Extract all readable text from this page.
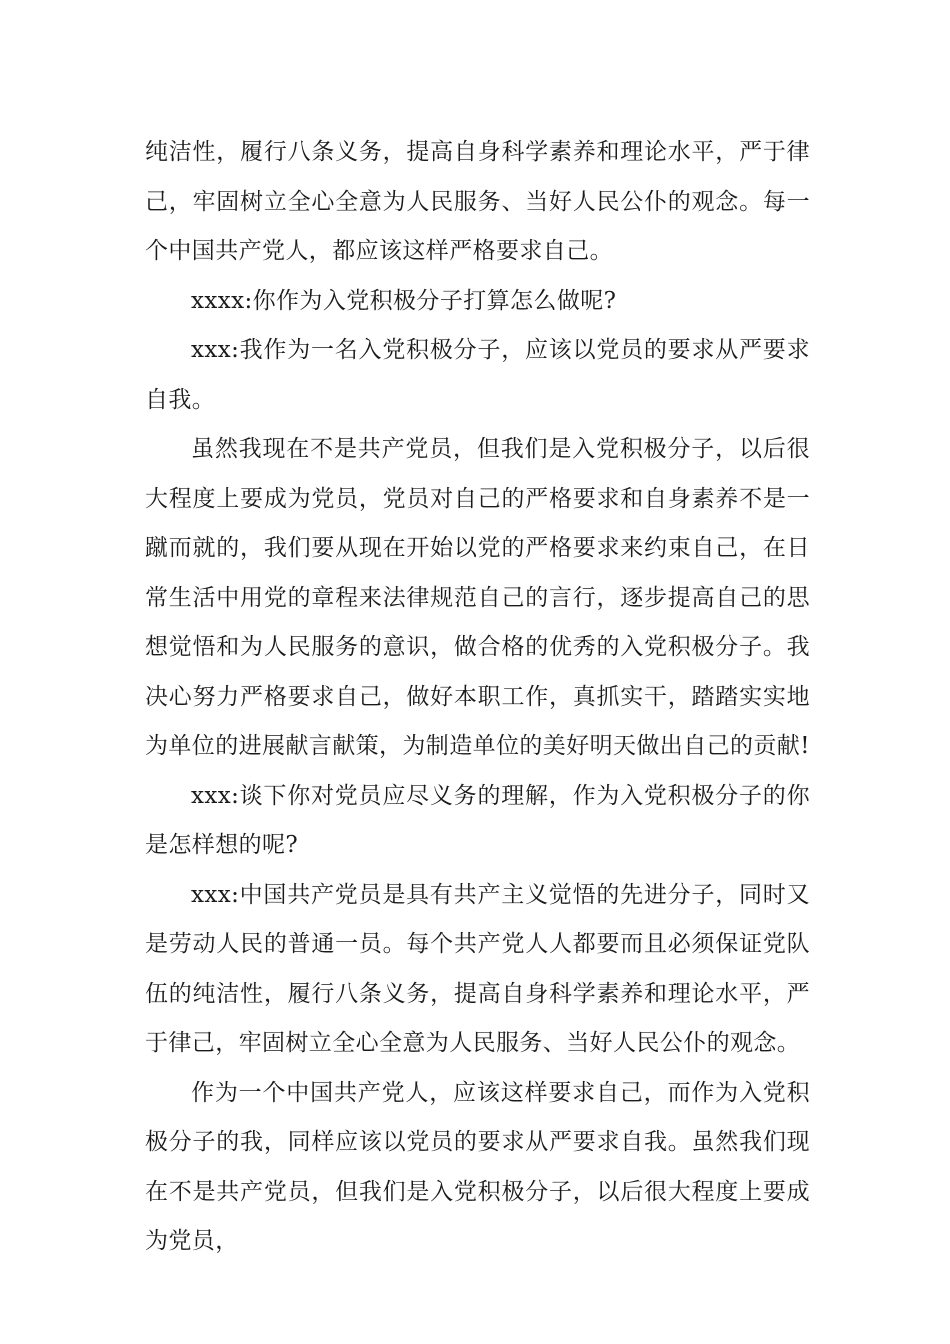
纯洁性，履行八条义务，提高自身科学素养和理论水平，严于律己，牢固树立全心全意为人民服务、当好人民公仆的观念。每一个中国共产党人，都应该这样严格要求自己。

xxxx:你作为入党积极分子打算怎么做呢?

xxx:我作为一名入党积极分子，应该以党员的要求从严要求自我。

虽然我现在不是共产党员，但我们是入党积极分子，以后很大程度上要成为党员，党员对自己的严格要求和自身素养不是一蹴而就的，我们要从现在开始以党的严格要求来约束自己，在日常生活中用党的章程来法律规范自己的言行，逐步提高自己的思想觉悟和为人民服务的意识，做合格的优秀的入党积极分子。我决心努力严格要求自己，做好本职工作，真抓实干，踏踏实实地为单位的进展献言献策，为制造单位的美好明天做出自己的贡献!

xxx:谈下你对党员应尽义务的理解，作为入党积极分子的你是怎样想的呢?

xxx:中国共产党员是具有共产主义觉悟的先进分子，同时又是劳动人民的普通一员。每个共产党人人都要而且必须保证党队伍的纯洁性，履行八条义务，提高自身科学素养和理论水平，严于律己，牢固树立全心全意为人民服务、当好人民公仆的观念。

作为一个中国共产党人，应该这样要求自己，而作为入党积极分子的我，同样应该以党员的要求从严要求自我。虽然我们现在不是共产党员，但我们是入党积极分子，以后很大程度上要成为党员，
